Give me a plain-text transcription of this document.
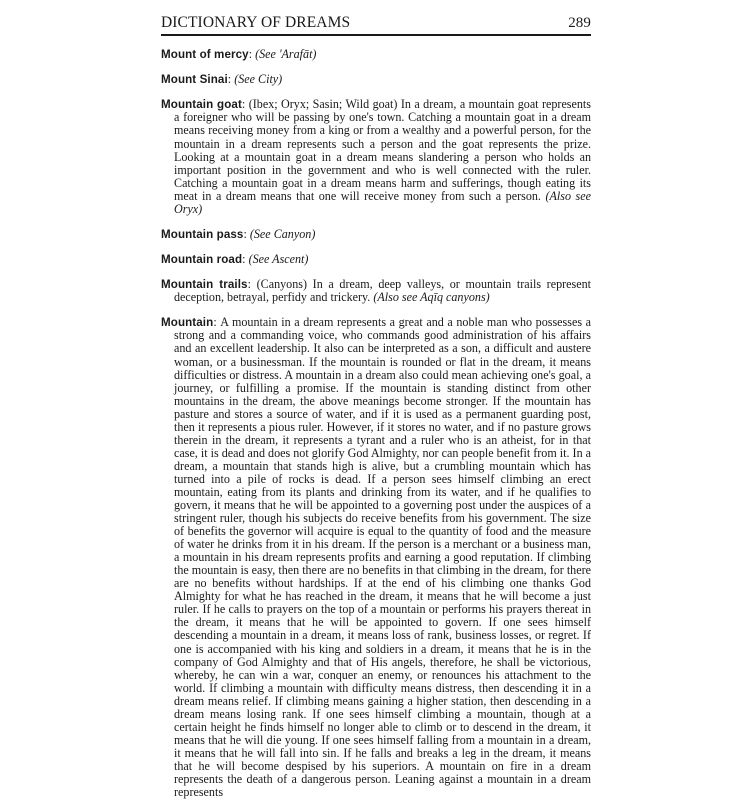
DICTIONARY OF DREAMS	289

Mount of mercy: (See 'Arafāt)

Mount Sinai: (See City)

Mountain goat: (Ibex; Oryx; Sasin; Wild goat) In a dream, a mountain goat represents a foreigner who will be passing by one's town. Catching a mountain goat in a dream means receiving money from a king or from a wealthy and a powerful person, for the mountain in a dream represents such a person and the goat represents the prize. Looking at a mountain goat in a dream means slandering a person who holds an important position in the government and who is well connected with the ruler. Catching a mountain goat in a dream means harm and sufferings, though eating its meat in a dream means that one will receive money from such a person. (Also see Oryx)

Mountain pass: (See Canyon)

Mountain road: (See Ascent)

Mountain trails: (Canyons) In a dream, deep valleys, or mountain trails represent deception, betrayal, perfidy and trickery. (Also see Aqīq canyons)

Mountain: A mountain in a dream represents a great and a noble man who possesses a strong and a commanding voice, who commands good administration of his affairs and an excellent leadership. It also can be interpreted as a son, a difficult and austere woman, or a businessman. If the mountain is rounded or flat in the dream, it means difficulties or distress. A mountain in a dream also could mean achieving one's goal, a journey, or fulfilling a promise. If the mountain is standing distinct from other mountains in the dream, the above meanings become stronger. If the mountain has pasture and stores a source of water, and if it is used as a permanent guarding post, then it represents a pious ruler. However, if it stores no water, and if no pasture grows therein in the dream, it represents a tyrant and a ruler who is an atheist, for in that case, it is dead and does not glorify God Almighty, nor can people benefit from it. In a dream, a mountain that stands high is alive, but a crumbling mountain which has turned into a pile of rocks is dead. If a person sees himself climbing an erect mountain, eating from its plants and drinking from its water, and if he qualifies to govern, it means that he will be appointed to a governing post under the auspices of a stringent ruler, though his subjects do receive benefits from his government. The size of benefits the governor will acquire is equal to the quantity of food and the measure of water he drinks from it in his dream. If the person is a merchant or a business man, a mountain in his dream represents profits and earning a good reputation. If climbing the mountain is easy, then there are no benefits in that climbing in the dream, for there are no benefits without hardships. If at the end of his climbing one thanks God Almighty for what he has reached in the dream, it means that he will become a just ruler. If he calls to prayers on the top of a mountain or performs his prayers thereat in the dream, it means that he will be appointed to govern. If one sees himself descending a mountain in a dream, it means loss of rank, business losses, or regret. If one is accompanied with his king and soldiers in a dream, it means that he is in the company of God Almighty and that of His angels, therefore, he shall be victorious, whereby, he can win a war, conquer an enemy, or renounces his attachment to the world. If climbing a mountain with difficulty means distress, then descending it in a dream means relief. If climbing means gaining a higher station, then descending in a dream means losing rank. If one sees himself climbing a mountain, though at a certain height he finds himself no longer able to climb or to descend in the dream, it means that he will die young. If one sees himself falling from a mountain in a dream, it means that he will fall into sin. If he falls and breaks a leg in the dream, it means that he will become despised by his superiors. A mountain on fire in a dream represents the death of a dangerous person. Leaning against a mountain in a dream represents
